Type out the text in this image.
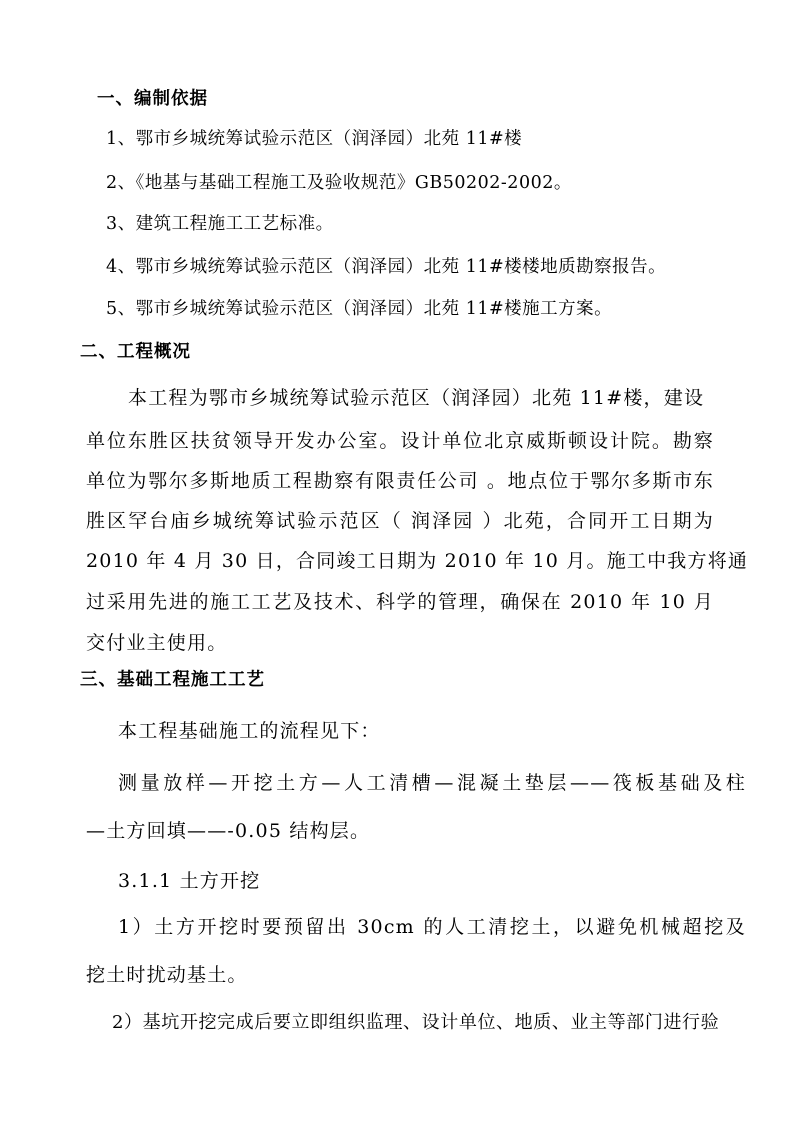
一、编制依据
1、鄂市乡城统筹试验示范区（润泽园）北苑 11#楼
2、《地基与基础工程施工及验收规范》GB50202-2002。
3、建筑工程施工工艺标准。
4、鄂市乡城统筹试验示范区（润泽园）北苑 11#楼楼地质勘察报告。
5、鄂市乡城统筹试验示范区（润泽园）北苑 11#楼施工方案。
二、工程概况
本工程为鄂市乡城统筹试验示范区（润泽园）北苑 11#楼，建设
单位东胜区扶贫领导开发办公室。设计单位北京威斯顿设计院。勘察
单位为鄂尔多斯地质工程勘察有限责任公司 。地点位于鄂尔多斯市东
胜区罕台庙乡城统筹试验示范区（ 润泽园 ）北苑，合同开工日期为
2010 年 4 月 30 日，合同竣工日期为 2010 年 10 月。施工中我方将通
过采用先进的施工工艺及技术、科学的管理，确保在 2010 年 10 月
交付业主使用。
三、基础工程施工工艺
本工程基础施工的流程见下：
测量放样—开挖土方—人工清槽—混凝土垫层——筏板基础及柱
—土方回填——-0.05 结构层。
3.1.1 土方开挖
1）土方开挖时要预留出 30cm 的人工清挖土，以避免机械超挖及
挖土时扰动基土。
2）基坑开挖完成后要立即组织监理、设计单位、地质、业主等部门进行验
